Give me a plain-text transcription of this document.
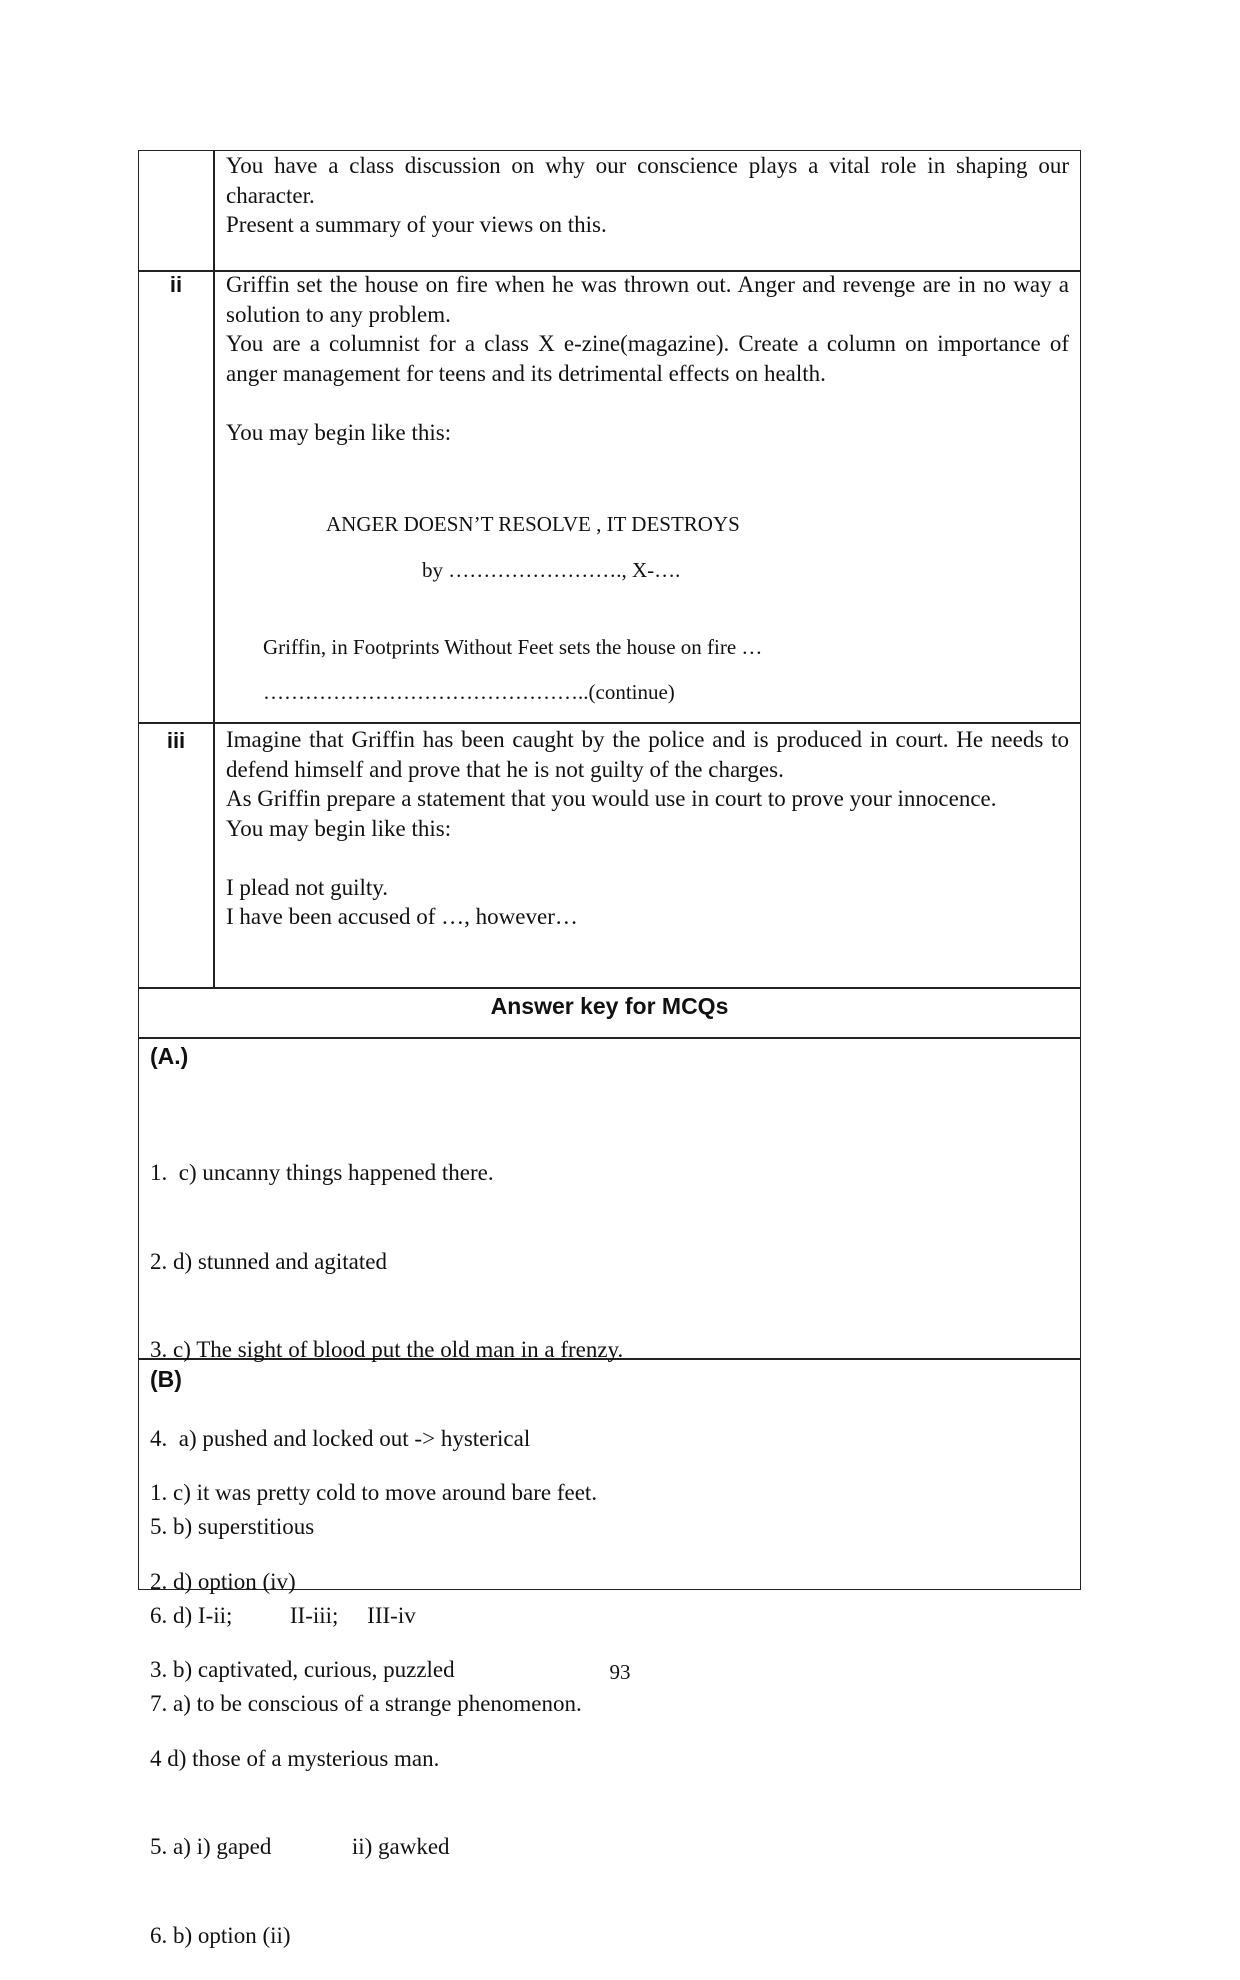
You have a class discussion on why our conscience plays a vital role in shaping our character.

Present a summary of your views on this.

ii	Griffin set the house on fire when he was thrown out. Anger and revenge are in no way a solution to any problem.

You are a columnist for a class X e-zine(magazine). Create a column on importance of anger management for teens and its detrimental effects on health.

You may begin like this:

ANGER DOESN’T RESOLVE , IT DESTROYS
by ……………………., X-….
Griffin, in Footprints Without Feet sets the house on fire …
………………………………………..(continue)
iii	Imagine that Griffin has been caught by the police and is produced in court. He needs to defend himself and prove that he is not guilty of the charges.

As Griffin prepare a statement that you would use in court to prove your innocence.

You may begin like this:

I plead not guilty.

I have been accused of …, however…

Answer key for MCQs
(A.)

1.  c) uncanny things happened there.

2. d) stunned and agitated

3. c) The sight of blood put the old man in a frenzy.

4.  a) pushed and locked out -> hysterical

5. b) superstitious

6. d) I-ii;          II-iii;     III-iv

7. a) to be conscious of a strange phenomenon.

(B)

1. c) it was pretty cold to move around bare feet.

2. d) option (iv)

3. b) captivated, curious, puzzled

4 d) those of a mysterious man.

5. a) i) gaped              ii) gawked

6. b) option (ii)

93
